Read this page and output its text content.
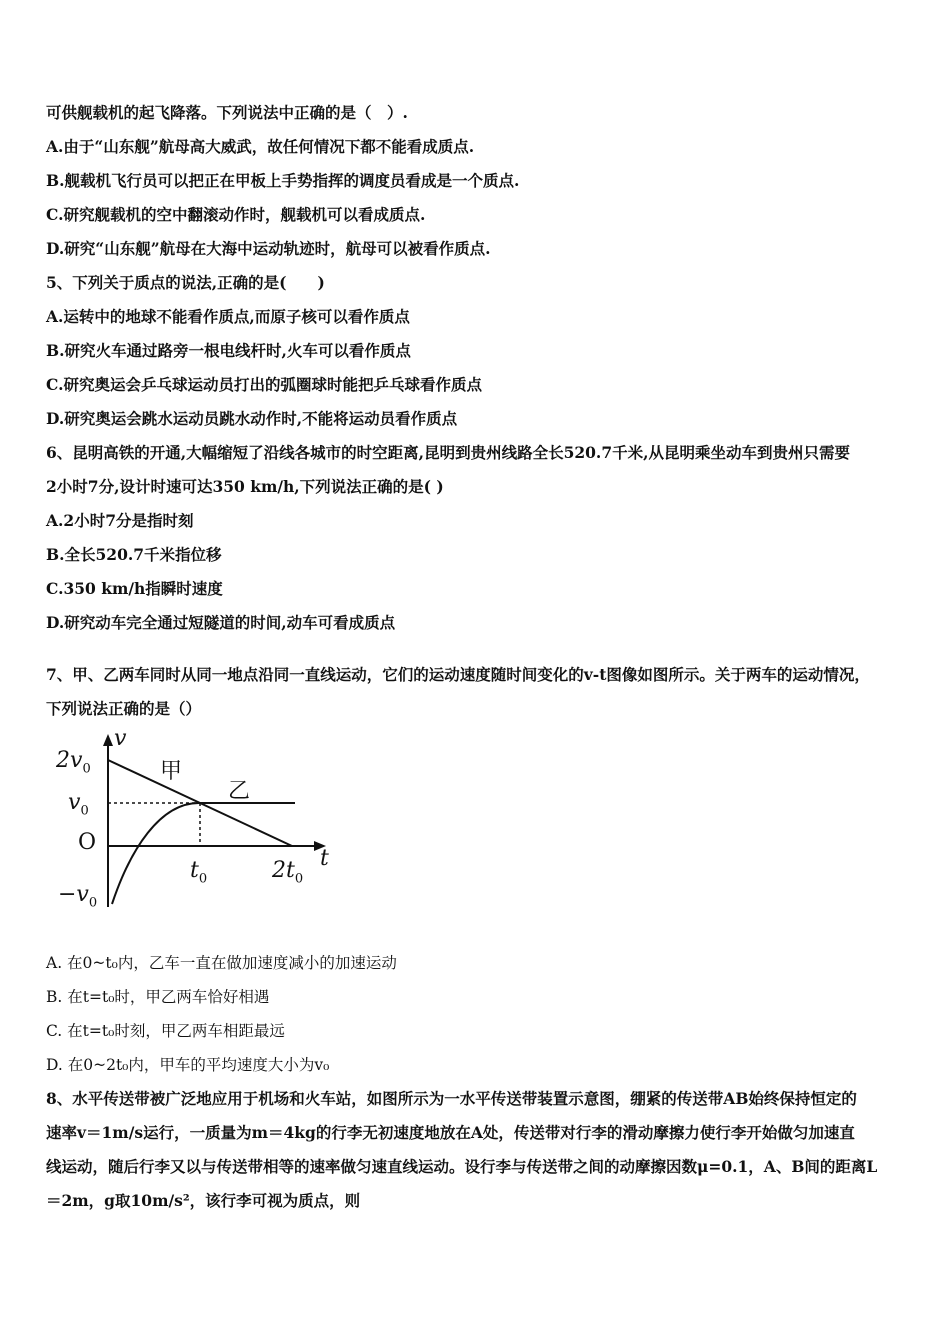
可供舰载机的起飞降落。下列说法中正确的是（　）.
A.由于“山东舰”航母高大威武，故任何情况下都不能看成质点.
B.舰载机飞行员可以把正在甲板上手势指挥的调度员看成是一个质点.
C.研究舰载机的空中翻滚动作时，舰载机可以看成质点.
D.研究“山东舰”航母在大海中运动轨迹时，航母可以被看作质点.
5、下列关于质点的说法,正确的是(　　)
A.运转中的地球不能看作质点,而原子核可以看作质点
B.研究火车通过路旁一根电线杆时,火车可以看作质点
C.研究奥运会乒乓球运动员打出的弧圈球时能把乒乓球看作质点
D.研究奥运会跳水运动员跳水动作时,不能将运动员看作质点
6、昆明高铁的开通,大幅缩短了沿线各城市的时空距离,昆明到贵州线路全长520.7千米,从昆明乘坐动车到贵州只需要
2小时7分,设计时速可达350 km/h,下列说法正确的是( )
A.2小时7分是指时刻
B.全长520.7千米指位移
C.350 km/h指瞬时速度
D.研究动车完全通过短隧道的时间,动车可看成质点
7、甲、乙两车同时从同一地点沿同一直线运动，它们的运动速度随时间变化的v-t图像如图所示。关于两车的运动情况，
下列说法正确的是（）
v
$2v_0$
$v_0$
O
$-v_0$
$t_0$	$2t_0$
t
甲
乙
A. 在0~t₀内，乙车一直在做加速度减小的加速运动
B. 在t=t₀时，甲乙两车恰好相遇
C. 在t=t₀时刻，甲乙两车相距最远
D. 在0~2t₀内，甲车的平均速度大小为v₀
8、水平传送带被广泛地应用于机场和火车站，如图所示为一水平传送带装置示意图，绷紧的传送带AB始终保持恒定的
速率v＝1m/s运行，一质量为m＝4kg的行李无初速度地放在A处，传送带对行李的滑动摩擦力使行李开始做匀加速直
线运动，随后行李又以与传送带相等的速率做匀速直线运动。设行李与传送带之间的动摩擦因数μ=0.1，A、B间的距离L
＝2m，g取10m/s²，该行李可视为质点，则
